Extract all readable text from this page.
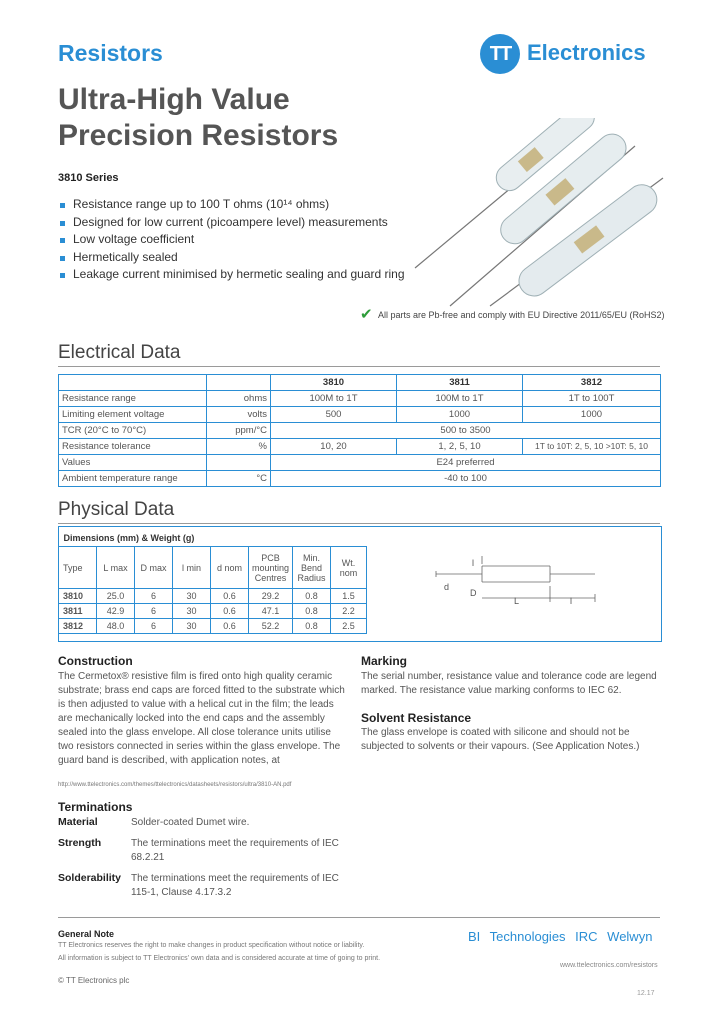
Resistors	TT Electronics
Ultra-High Value
Precision Resistors
3810 Series
Resistance range up to 100 T ohms (10¹⁴ ohms)
Designed for low current (picoampere level) measurements
Low voltage coefficient
Hermetically sealed
Leakage current minimised by hermetic sealing and guard ring
✔ All parts are Pb-free and comply with EU Directive 2011/65/EU (RoHS2)
Electrical Data
		3810	3811	3812
Resistance range	ohms	100M to 1T	100M to 1T	1T to 100T
Limiting element voltage	volts	500	1000	1000
TCR (20°C to 70°C)	ppm/°C	500 to 3500		
Resistance tolerance	%	10, 20	1, 2, 5, 10	1T to 10T: 2, 5, 10 >10T: 5, 10
Values		E24 preferred		
Ambient temperature range	°C	-40 to 100		
Physical Data
Dimensions (mm) & Weight (g)							
Type	L max	D max	l min	d nom	PCB mounting Centres	Min. Bend Radius	Wt. nom
3810	25.0	6	30	0.6	29.2	0.8	1.5
3811	42.9	6	30	0.6	47.1	0.8	2.2
3812	48.0	6	30	0.6	52.2	0.8	2.5
l
d
D
L	l
Construction
The Cermetox® resistive film is fired onto high quality ceramic substrate; brass end caps are forced fitted to the substrate which is then adjusted to value with a helical cut in the film; the leads are mechanically locked into the end caps and the assembly sealed into the glass envelope. All close tolerance units utilise two resistors connected in series within the glass envelope. The guard band is described, with application notes, at
http://www.ttelectronics.com/themes/ttelectronics/datasheets/resistors/ultra/3810-AN.pdf
Marking
The serial number, resistance value and tolerance code are legend marked. The resistance value marking conforms to IEC 62.
Solvent Resistance
The glass envelope is coated with silicone and should not be subjected to solvents or their vapours. (See Application Notes.)
Terminations
Material	Solder-coated Dumet wire.
Strength	The terminations meet the requirements of IEC 68.2.21
Solderability The terminations meet the requirements of IEC 115-1, Clause 4.17.3.2
General Note
TT Electronics reserves the right to make changes in product specification without notice or liability.
All information is subject to TT Electronics' own data and is considered accurate at time of going to print.
BI Technologies IRC Welwyn
www.ttelectronics.com/resistors
© TT Electronics plc
12.17
